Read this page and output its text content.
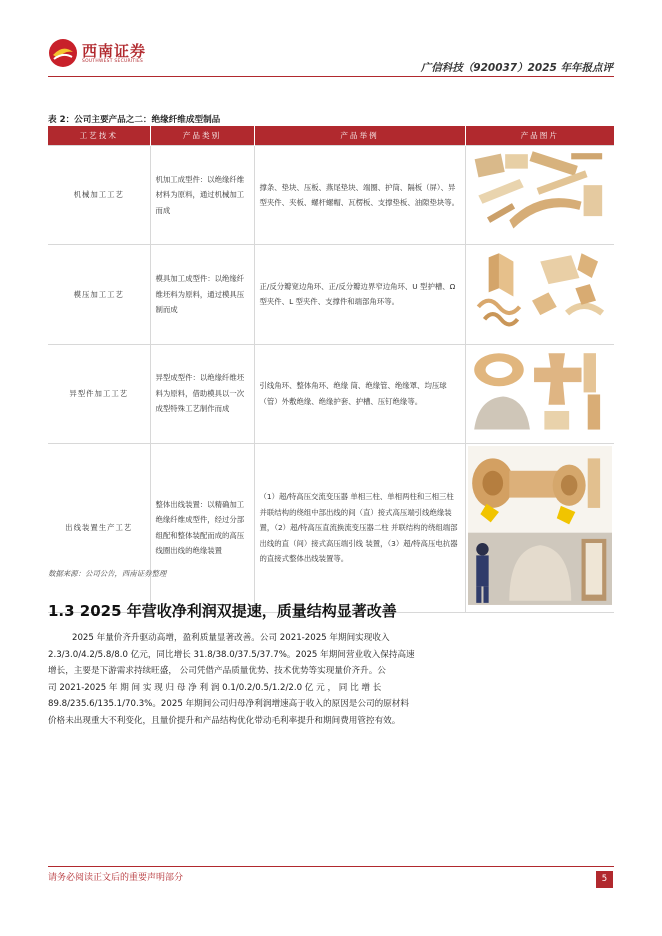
西南证券
SOUTHWEST SECURITIES
广信科技（920037）2025 年年报点评
表 2：公司主要产品之二：绝缘纤维成型制品
工艺技术	产品类别	产品举例	产品图片
机械加工工艺	机加工成型件：以绝缘纤维材料为原料，通过机械加工而成	撑条、垫块、压板、燕尾垫块、端圈、护筒、隔板（屏）、异型夹件、夹板、螺杆螺帽、瓦楞板、支撑垫板、油隙垫块等。

模压加工工艺	模具加工成型件：以绝缘纤维坯料为原料，通过模具压制而成	正/反分瓣宽边角环、正/反分瓣边界窄边角环、U 型护槽、Ω 型夹件、L 型夹件、支撑件和端部角环等。

异型件加工工艺	异型成型件：以绝缘纤维坯料为原料，借助模具以一次成型特殊工艺制作而成	引线角环、整体角环、绝缘 筒、绝缘管、绝缘罩、均压球（管）外敷绝缘、绝缘护套、护槽、压钉绝缘等。

出线装置生产工艺	整体出线装置：以精确加工绝缘纤维成型件，经过分部组配和整体装配而成的高压线圈出线的绝缘装置	（1）超/特高压交流变压器 单相三柱、单相两柱和三相三柱并联结构的绕组中部出线的间（直）接式高压端引线绝缘装置，（2）超/特高压直流换流变压器二柱 并联结构的绕组端部出线的直（间）接式高压端引线 装置，（3）超/特高压电抗器的直接式整体出线装置等。

数据来源：公司公告，西南证券整理
1.3 2025 年营收净利润双提速，质量结构显著改善
2025 年量价齐升驱动高增，盈利质量显著改善。公司 2021-2025 年期间实现收入
2.3/3.0/4.2/5.8/8.0 亿元，同比增长 31.8/38.0/37.5/37.7%。2025 年期间营业收入保持高速
增长，主要是下游需求持续旺盛， 公司凭借产品质量优势、技术优势等实现量价齐升。公
司 2021-2025 年 期 间 实 现 归 母 净 利 润 0.1/0.2/0.5/1.2/2.0 亿 元 ， 同 比 增 长
89.8/235.6/135.1/70.3%。2025 年期间公司归母净利润增速高于收入的原因是公司的原材料
价格未出现重大不利变化，且量价提升和产品结构优化带动毛利率提升和期间费用管控有效。
请务必阅读正文后的重要声明部分	5
